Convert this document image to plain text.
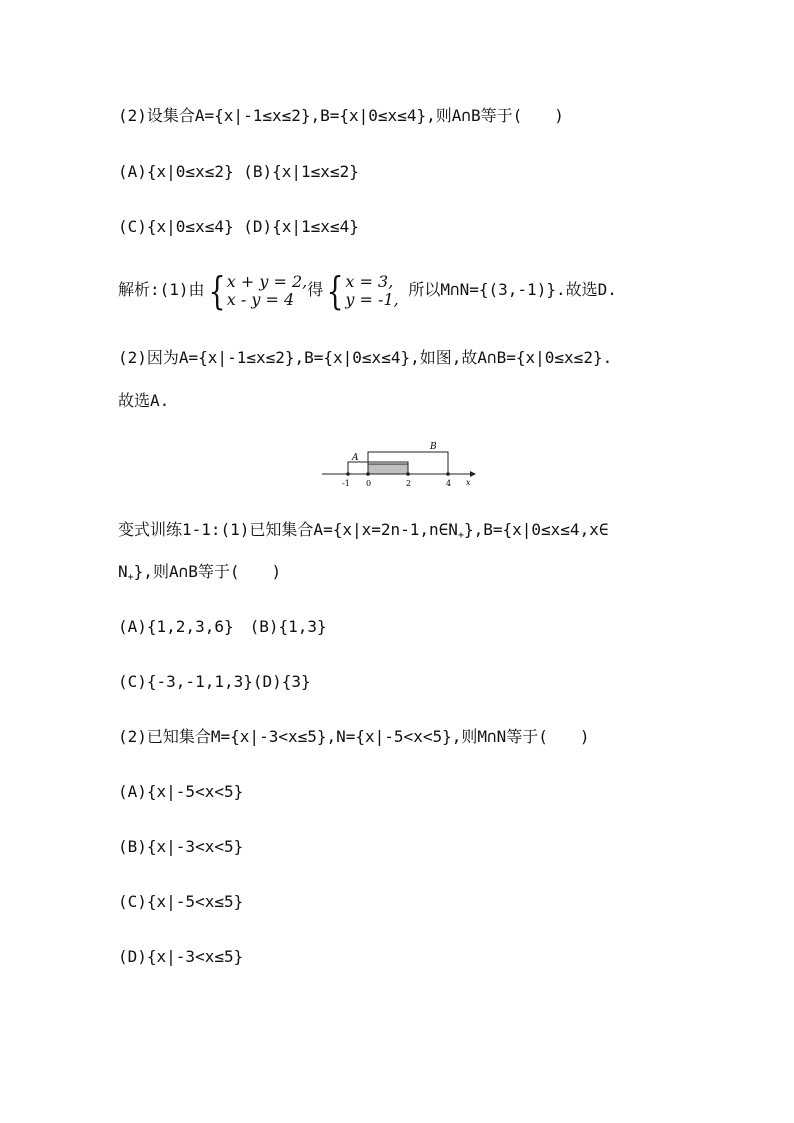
(2)设集合A={x|-1≤x≤2},B={x|0≤x≤4},则A∩B等于(　　)
(A){x|0≤x≤2} (B){x|1≤x≤2}
(C){x|0≤x≤4} (D){x|1≤x≤4}
解析:(1)由{ x + y = 2,
x - y = 4
得{ x = 3,
y = -1,
所以M∩N={(3,-1)}.故选D.
(2)因为A={x|-1≤x≤2},B={x|0≤x≤4},如图,故A∩B={x|0≤x≤2}.
故选A.
A
B
-1 0	2	4 x
变式训练1-1:(1)已知集合$A=\{x|x=2n-1,n\in N_+\},B=\{x|0\le x\le 4,x\in$
$N_+$},则A∩B等于(　　)
(A){1,2,3,6}　(B){1,3}
(C){-3,-1,1,3}(D){3}
(2)已知集合M={x|-3<x≤5},N={x|-5<x<5},则M∩N等于(　　)
(A){x|-5<x<5}
(B){x|-3<x<5}
(C){x|-5<x≤5}
(D){x|-3<x≤5}
